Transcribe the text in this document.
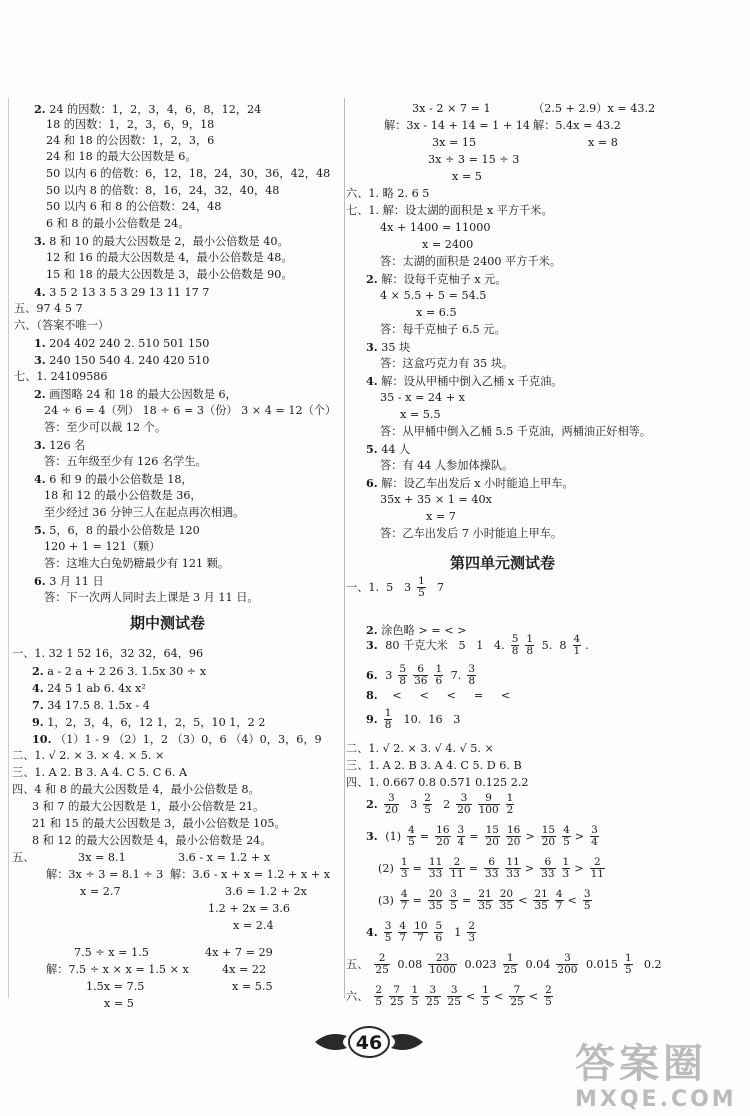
2. 24 的因数：1，2，3，4，6，8，12，24
18 的因数：1，2，3，6，9，18
24 和 18 的公因数：1，2，3，6
24 和 18 的最大公因数是 6。
50 以内 6 的倍数：6，12，18，24，30，36，42，48
50 以内 8 的倍数：8，16，24，32，40，48
50 以内 6 和 8 的公倍数：24，48
6 和 8 的最小公倍数是 24。
3. 8 和 10 的最大公因数是 2，最小公倍数是 40。
12 和 16 的最大公因数是 4，最小公倍数是 48。
15 和 18 的最大公因数是 3，最小公倍数是 90。
4. 3 5 2 13 3 5 3 29 13 11 17 7
五、97 4 5 7
六、（答案不唯一）
1. 204 402 240 2. 510 501 150
3. 240 150 540 4. 240 420 510
七、1. 24109586
2. 画图略 24 和 18 的最大公因数是 6，
24 ÷ 6 = 4（列） 18 ÷ 6 = 3（份） 3 × 4 = 12（个）
答：至少可以裁 12 个。
3. 126 名
答：五年级至少有 126 名学生。
4. 6 和 9 的最小公倍数是 18，
18 和 12 的最小公倍数是 36，
至少经过 36 分钟三人在起点再次相遇。
5. 5，6，8 的最小公倍数是 120
120 + 1 = 121（颗）
答：这堆大白兔奶糖最少有 121 颗。
6. 3 月 11 日
答：下一次两人同时去上课是 3 月 11 日。
一、1. 32 1 52 16，32 32，64，96
2. a - 2 a + 2 26 3. 1.5x 30 ÷ x
4. 24 5 1 ab 6. 4x x²
7. 34 17.5 8. 1.5x - 4
9. 1，2，3，4，6，12 1，2，5，10 1，2 2
10. （1）1 - 9 （2）1，2 （3）0，6 （4）0，3，6，9
二、1. √ 2. × 3. × 4. × 5. ×
三、1. A 2. B 3. A 4. C 5. C 6. A
四、4 和 8 的最大公因数是 4，最小公倍数是 8。
3 和 7 的最大公因数是 1，最小公倍数是 21。
21 和 15 的最大公因数是 3，最小公倍数是 105。
8 和 12 的最大公因数是 4，最小公倍数是 24。
五、	3x = 8.1	3.6 - x = 1.2 + x
解：3x ÷ 3 = 8.1 ÷ 3 解：3.6 - x + x = 1.2 + x + x
x = 2.7	3.6 = 1.2 + 2x
1.2 + 2x = 3.6
x = 2.4
7.5 ÷ x = 1.5	4x + 7 = 29
解：7.5 ÷ x × x = 1.5 × x	4x = 22
1.5x = 7.5	x = 5.5
x = 5
3x - 2 × 7 = 1	（2.5 + 2.9）x = 43.2
解：3x - 14 + 14 = 1 + 14 解：5.4x = 43.2
3x = 15	x = 8
3x ÷ 3 = 15 ÷ 3
x = 5
六、1. 略 2. 6 5
七、1. 解：设太湖的面积是 x 平方千米。
4x + 1400 = 11000
x = 2400
答：太湖的面积是 2400 平方千米。
2. 解：设每千克柚子 x 元。
4 × 5.5 + 5 = 54.5
x = 6.5
答：每千克柚子 6.5 元。
3. 35 块
答：这盒巧克力有 35 块。
4. 解：设从甲桶中倒入乙桶 x 千克油。
35 - x = 24 + x
x = 5.5
答：从甲桶中倒入乙桶 5.5 千克油，两桶油正好相等。
5. 44 人
答：有 44 人参加体操队。
6. 解：设乙车出发后 x 小时能追上甲车。
35x + 35 × 1 = 40x
x = 7
答：乙车出发后 7 小时能追上甲车。
2. 涂色略 > = < >
二、1. √ 2. × 3. √ 4. √ 5. ×
三、1. A 2. B 3. A 4. C 5. D 6. B
四、1. 0.667 0.8 0.571 0.125 2.2
一、1.  5   $3 \frac{1}{5} 7$
3. 80 千克大米   5   1   4. $\frac{5}{8} \frac{1}{8} 5$.  $8 \frac{4}{1}$ .
6. $3 \frac{5}{8} \frac{6}{36} \frac{1}{6} 7$. $\frac{3}{8}$
8. <     <     <     =     <
9. $\frac{1}{8} 10$.  16   3
2. $\frac{3}{20} 3 \frac{2}{5} 2 \frac{3}{20} \frac{9}{100} \frac{1}{2}$
3. $(1) \frac{4}{5} = \frac{16}{20} \frac{3}{4} = \frac{15}{20} \frac{16}{20} > \frac{15}{20} \frac{4}{5} > \frac{3}{4}$
$(2) \frac{1}{3} = \frac{11}{33} \frac{2}{11} = \frac{6}{33} \frac{11}{33} > \frac{6}{33} \frac{1}{3} > \frac{2}{11}$
$(3) \frac{4}{7} = \frac{20}{35} \frac{3}{5} = \frac{21}{35} \frac{20}{35} < \frac{21}{35} \frac{4}{7} < \frac{3}{5}$
4. $\frac{3}{5} \frac{4}{7} \frac{10}{7} \frac{5}{6} 1 \frac{2}{3}$
五、 $\frac{2}{25} 0.08 \frac{23}{1000} 0.023 \frac{1}{25} 0.04 \frac{3}{200} 0.015 \frac{1}{5} 0.2$
六、 $\frac{2}{5} \frac{7}{25} \frac{1}{5} \frac{3}{25} \frac{3}{25} < \frac{1}{5} < \frac{7}{25} < \frac{2}{5}$
期中测试卷
第四单元测试卷
46	答案圈
MXQE.COM
